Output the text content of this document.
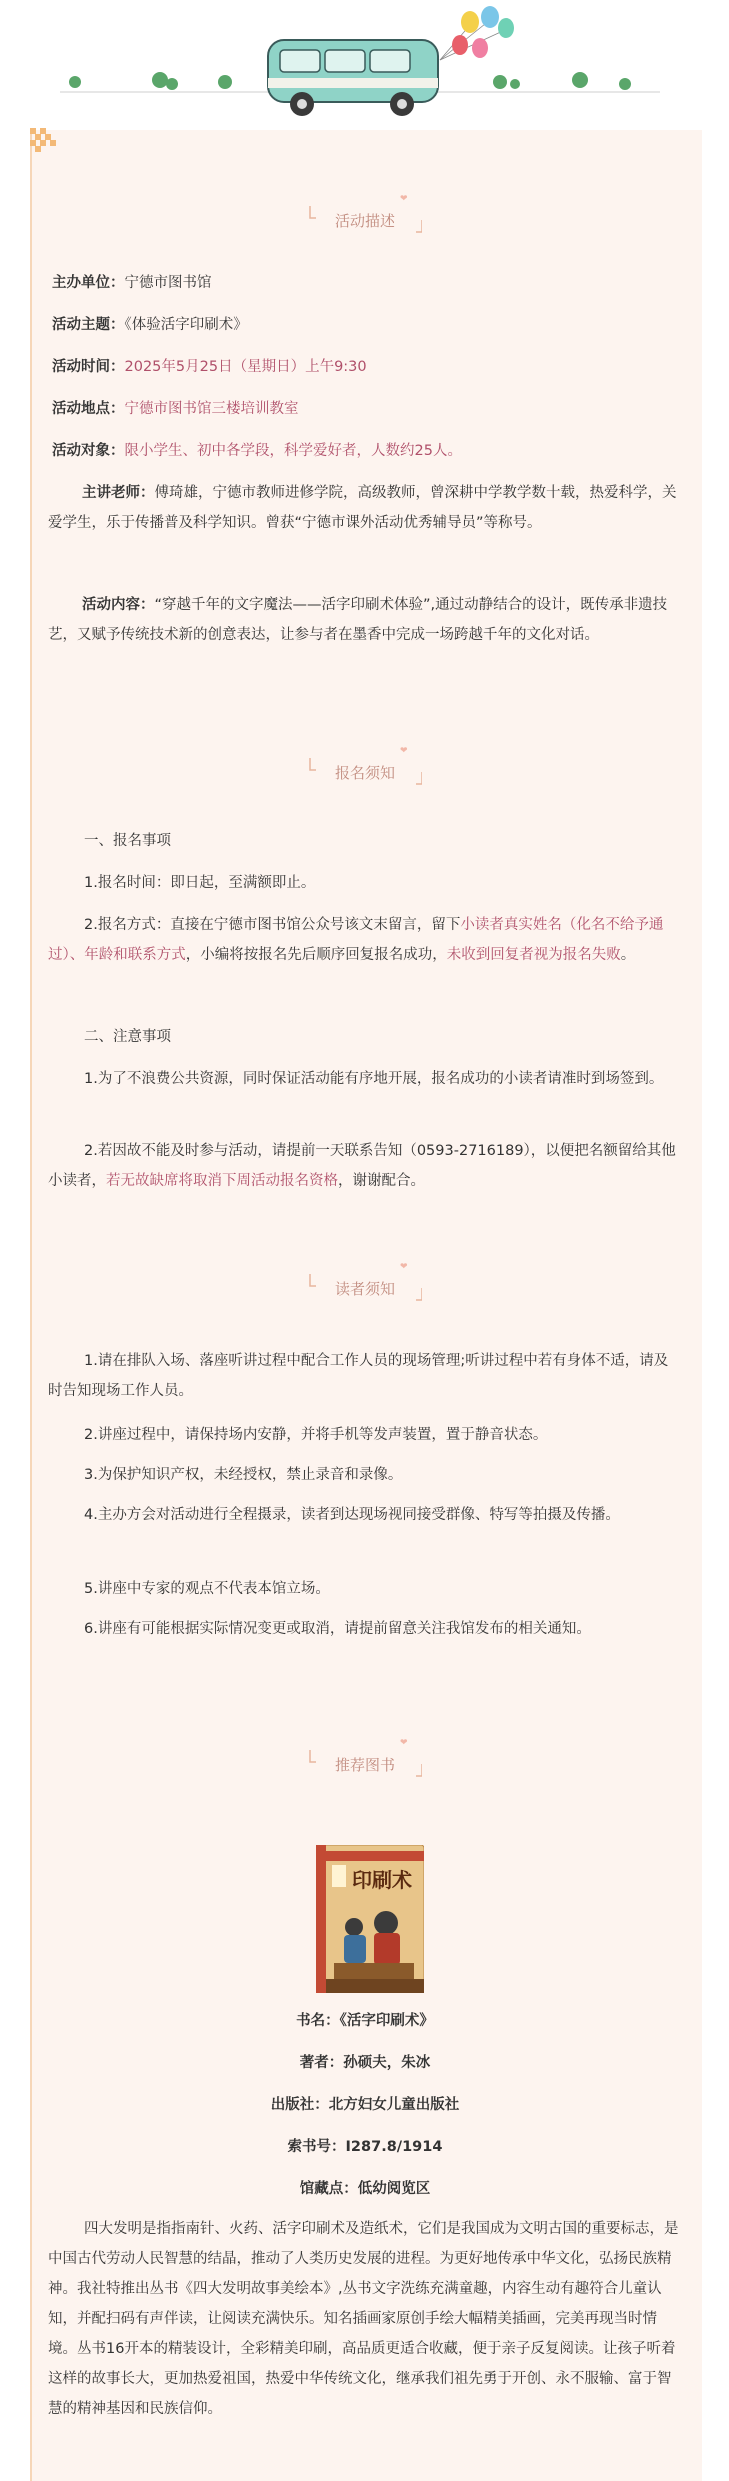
❤
活动描述
主办单位：宁德市图书馆
活动主题：《体验活字印刷术》
活动时间：2025年5月25日（星期日）上午9:30
活动地点：宁德市图书馆三楼培训教室
活动对象：限小学生、初中各学段，科学爱好者，人数约25人。
主讲老师：傅琦雄，宁德市教师进修学院，高级教师，曾深耕中学教学数十载，热爱科学，关爱学生，乐于传播普及科学知识。曾获“宁德市课外活动优秀辅导员”等称号。
活动内容：“穿越千年的文字魔法——活字印刷术体验”,通过动静结合的设计，既传承非遗技艺，又赋予传统技术新的创意表达，让参与者在墨香中完成一场跨越千年的文化对话。
❤
报名须知
一、报名事项
1.报名时间：即日起，至满额即止。
2.报名方式：直接在宁德市图书馆公众号该文末留言，留下小读者真实姓名（化名不给予通过）、年龄和联系方式，小编将按报名先后顺序回复报名成功，未收到回复者视为报名失败。
二、注意事项
1.为了不浪费公共资源，同时保证活动能有序地开展，报名成功的小读者请准时到场签到。
2.若因故不能及时参与活动，请提前一天联系告知（0593-2716189），以便把名额留给其他小读者，若无故缺席将取消下周活动报名资格，谢谢配合。
❤
读者须知
1.请在排队入场、落座听讲过程中配合工作人员的现场管理;听讲过程中若有身体不适，请及时告知现场工作人员。
2.讲座过程中，请保持场内安静，并将手机等发声装置，置于静音状态。
3.为保护知识产权，未经授权，禁止录音和录像。
4.主办方会对活动进行全程摄录，读者到达现场视同接受群像、特写等拍摄及传播。
5.讲座中专家的观点不代表本馆立场。
6.讲座有可能根据实际情况变更或取消，请提前留意关注我馆发布的相关通知。
❤
推荐图书
印刷术
书名：《活字印刷术》
著者：孙硕夫，朱冰
出版社：北方妇女儿童出版社
索书号：I287.8/1914
馆藏点：低幼阅览区
四大发明是指指南针、火药、活字印刷术及造纸术，它们是我国成为文明古国的重要标志，是中国古代劳动人民智慧的结晶，推动了人类历史发展的进程。为更好地传承中华文化，弘扬民族精神。我社特推出丛书《四大发明故事美绘本》,丛书文字洗练充满童趣，内容生动有趣符合儿童认知，并配扫码有声伴读，让阅读充满快乐。知名插画家原创手绘大幅精美插画，完美再现当时情境。丛书16开本的精装设计，全彩精美印刷，高品质更适合收藏，便于亲子反复阅读。让孩子听着这样的故事长大，更加热爱祖国，热爱中华传统文化，继承我们祖先勇于开创、永不服输、富于智慧的精神基因和民族信仰。
